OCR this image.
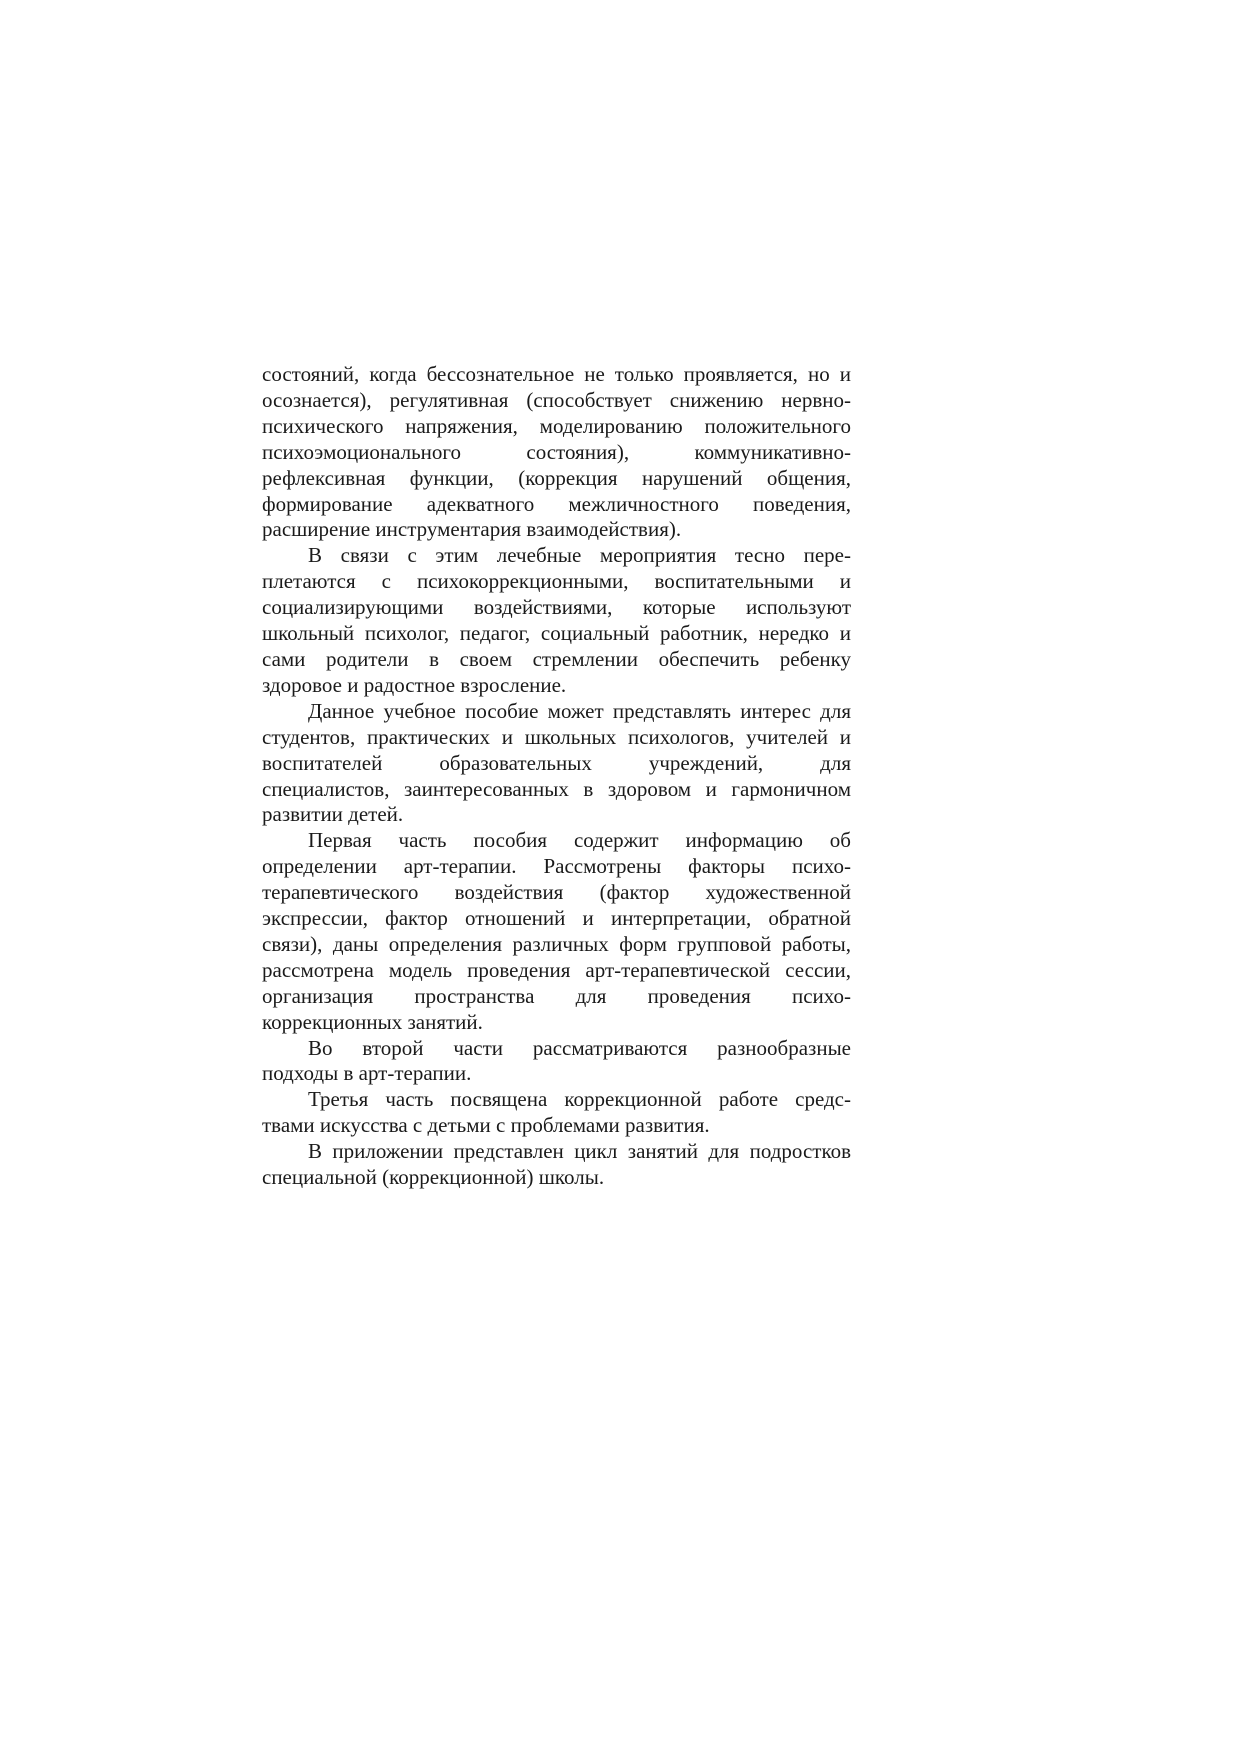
состояний, когда бессознательное не только проявляется, но и
осознается), регулятивная (способствует снижению нервно-
психического напряжения, моделированию положительного
психоэмоционального состояния), коммуникативно-
рефлексивная функции, (коррекция нарушений общения,
формирование адекватного межличностного поведения,
расширение инструментария взаимодействия).

В связи с этим лечебные мероприятия тесно пере-
плетаются с психокоррекционными, воспитательными и
социализирующими воздействиями, которые используют
школьный психолог, педагог, социальный работник, нередко и
сами родители в своем стремлении обеспечить ребенку
здоровое и радостное взросление.

Данное учебное пособие может представлять интерес для
студентов, практических и школьных психологов, учителей и
воспитателей образовательных учреждений, для
специалистов, заинтересованных в здоровом и гармоничном
развитии детей.

Первая часть пособия содержит информацию об
определении арт-терапии. Рассмотрены факторы психо-
терапевтического воздействия (фактор художественной
экспрессии, фактор отношений и интерпретации, обратной
связи), даны определения различных форм групповой работы,
рассмотрена модель проведения арт-терапевтической сессии,
организация пространства для проведения психо-
коррекционных занятий.

Во второй части рассматриваются разнообразные
подходы в арт-терапии.

Третья часть посвящена коррекционной работе средс-
твами искусства с детьми с проблемами развития.

В приложении представлен цикл занятий для подростков
специальной (коррекционной) школы.
